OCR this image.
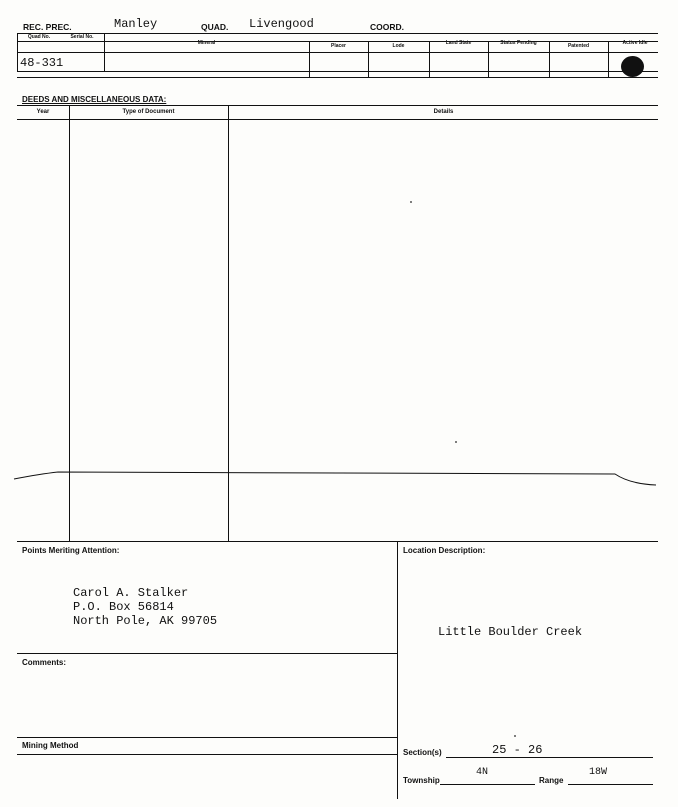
REC. PREC.	Manley	QUAD. Livengood	COORD.
Quad No.	Serial No.
Mineral	Placer	Lode	Land State	Status Pending	Patented	Active Idle
48-331
DEEDS AND MISCELLANEOUS DATA:
Year	Type of Document	Details
Points Meriting Attention:
Carol A. Stalker
P.O. Box 56814
North Pole, AK 99705
Location Description:
Little Boulder Creek
Comments:
Mining Method
Section(s)	25 - 26
Township
4N
Range
18W
